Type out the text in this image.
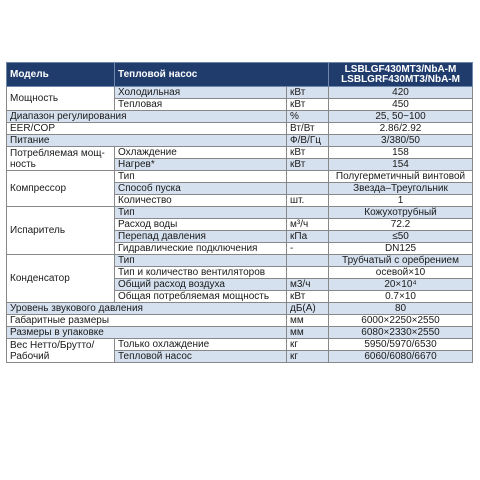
Модель	Тепловой насос		LSBLGF430MT3/NbA-M
LSBLGRF430MT3/NbA-M

Мощность	Холодильная	кВт	420
	Тепловая	кВт	450
Диапазон регулирования		%	25, 50~100
EER/COP		Вт/Вт	2.86/2.92
Питание		Ф/В/Гц	3/380/50
Потребляемая мощ-ность	Охлаждение	кВт	158
	Нагрев*	кВт	154
Компрессор	Тип		Полугерметичный винтовой
	Способ пуска		Звезда–Треугольник
	Количество	шт.	1
Испаритель	Тип		Кожухотрубный
	Расход воды	м³/ч	72.2
	Перепад давления	кПа	≤50
	Гидравлические подключения	-	DN125
Конденсатор	Тип		Трубчатый с оребрением
	Тип и количество вентиляторов		осевой×10
	Общий расход воздуха	м3/ч	20×10⁴
	Общая потребляемая мощность	кВт	0.7×10
Уровень звукового давления		дБ(А)	80
Габаритные размеры		мм	6000×2250×2550
Размеры в упаковке		мм	6080×2330×2550
Вес Нетто/Брутто/ Рабочий	Только охлаждение	кг	5950/5970/6530
	Тепловой насос	кг	6060/6080/6670
